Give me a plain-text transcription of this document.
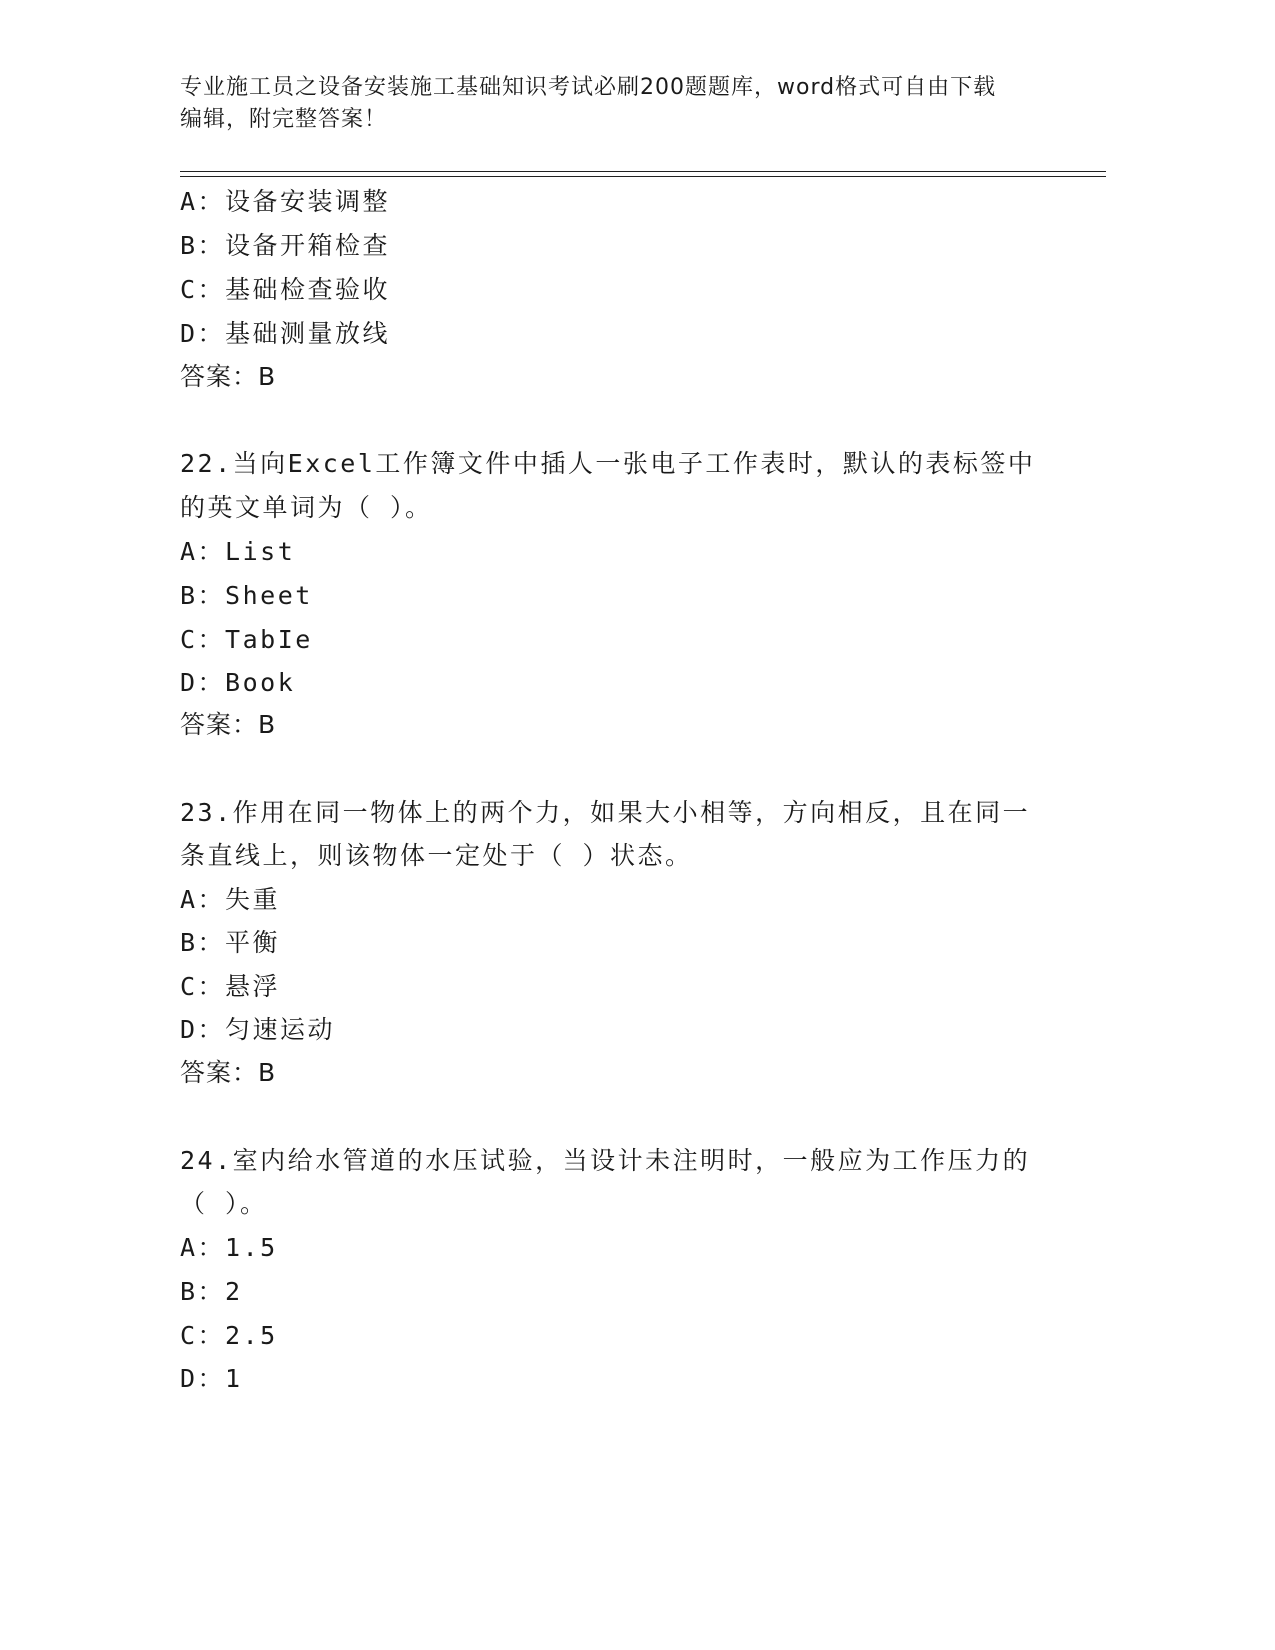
专业施工员之设备安装施工基础知识考试必刷200题题库，word格式可自由下载
编辑，附完整答案！
A：设备安装调整
B：设备开箱检查
C：基础检查验收
D：基础测量放线
答案：B
22.当向Excel工作簿文件中插人一张电子工作表时，默认的表标签中
的英文单词为（ ）。
A：List
B：Sheet
C：TabIe
D：Book
答案：B
23.作用在同一物体上的两个力，如果大小相等，方向相反，且在同一
条直线上，则该物体一定处于（ ）状态。
A：失重
B：平衡
C：悬浮
D：匀速运动
答案：B
24.室内给水管道的水压试验，当设计未注明时，一般应为工作压力的
（ ）。
A：1.5
B：2
C：2.5
D：1
